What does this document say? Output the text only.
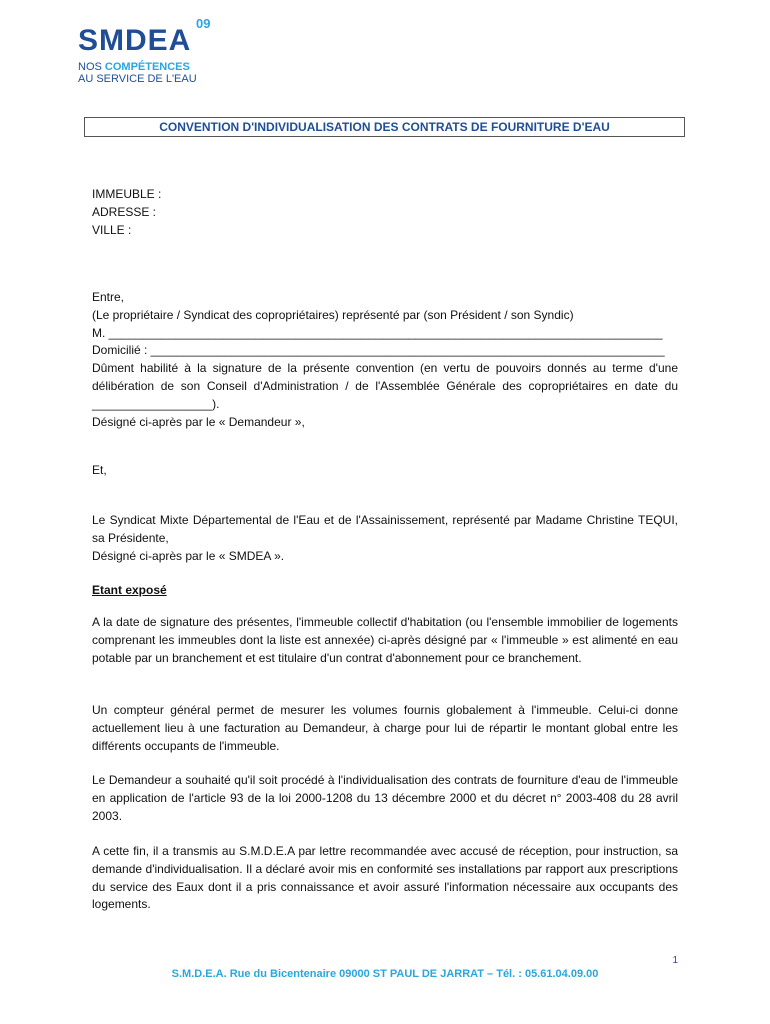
SMDEA
09
NOS COMPÉTENCES
AU SERVICE DE L'EAU
CONVENTION D'INDIVIDUALISATION DES CONTRATS DE FOURNITURE D'EAU

IMMEUBLE :

ADRESSE :

VILLE :

Entre,

(Le propriétaire / Syndicat des copropriétaires) représenté par (son Président / son Syndic)

M. ___________________________________________________________________________________

Domicilié : _____________________________________________________________________________

Dûment habilité à la signature de la présente convention (en vertu de pouvoirs donnés au terme d'une délibération de son Conseil d'Administration / de l'Assemblée Générale des copropriétaires en date du __________________).

Désigné ci-après par le « Demandeur »,

Et,

Le Syndicat Mixte Départemental de l'Eau et de l'Assainissement, représenté par Madame Christine TEQUI, sa Présidente,

Désigné ci-après par le « SMDEA ».

Etant exposé

A la date de signature des présentes, l'immeuble collectif d'habitation (ou l'ensemble immobilier de logements comprenant les immeubles dont la liste est annexée) ci-après désigné par « l'immeuble » est alimenté en eau potable par un branchement et est titulaire d'un contrat d'abonnement pour ce branchement.
Un compteur général permet de mesurer les volumes fournis globalement à l'immeuble. Celui-ci donne actuellement lieu à une facturation au Demandeur, à charge pour lui de répartir le montant global entre les différents occupants de l'immeuble.
Le Demandeur a souhaité qu'il soit procédé à l'individualisation des contrats de fourniture d'eau de l'immeuble en application de l'article 93 de la loi 2000-1208 du 13 décembre 2000 et du décret n° 2003-408 du 28 avril 2003.
A cette fin, il a transmis au S.M.D.E.A par lettre recommandée avec accusé de réception, pour instruction, sa demande d'individualisation. Il a déclaré avoir mis en conformité ses installations par rapport aux prescriptions du service des Eaux dont il a pris connaissance et avoir assuré l'information nécessaire aux occupants des logements.
1
S.M.D.E.A. Rue du Bicentenaire 09000 ST PAUL DE JARRAT – Tél. : 05.61.04.09.00
